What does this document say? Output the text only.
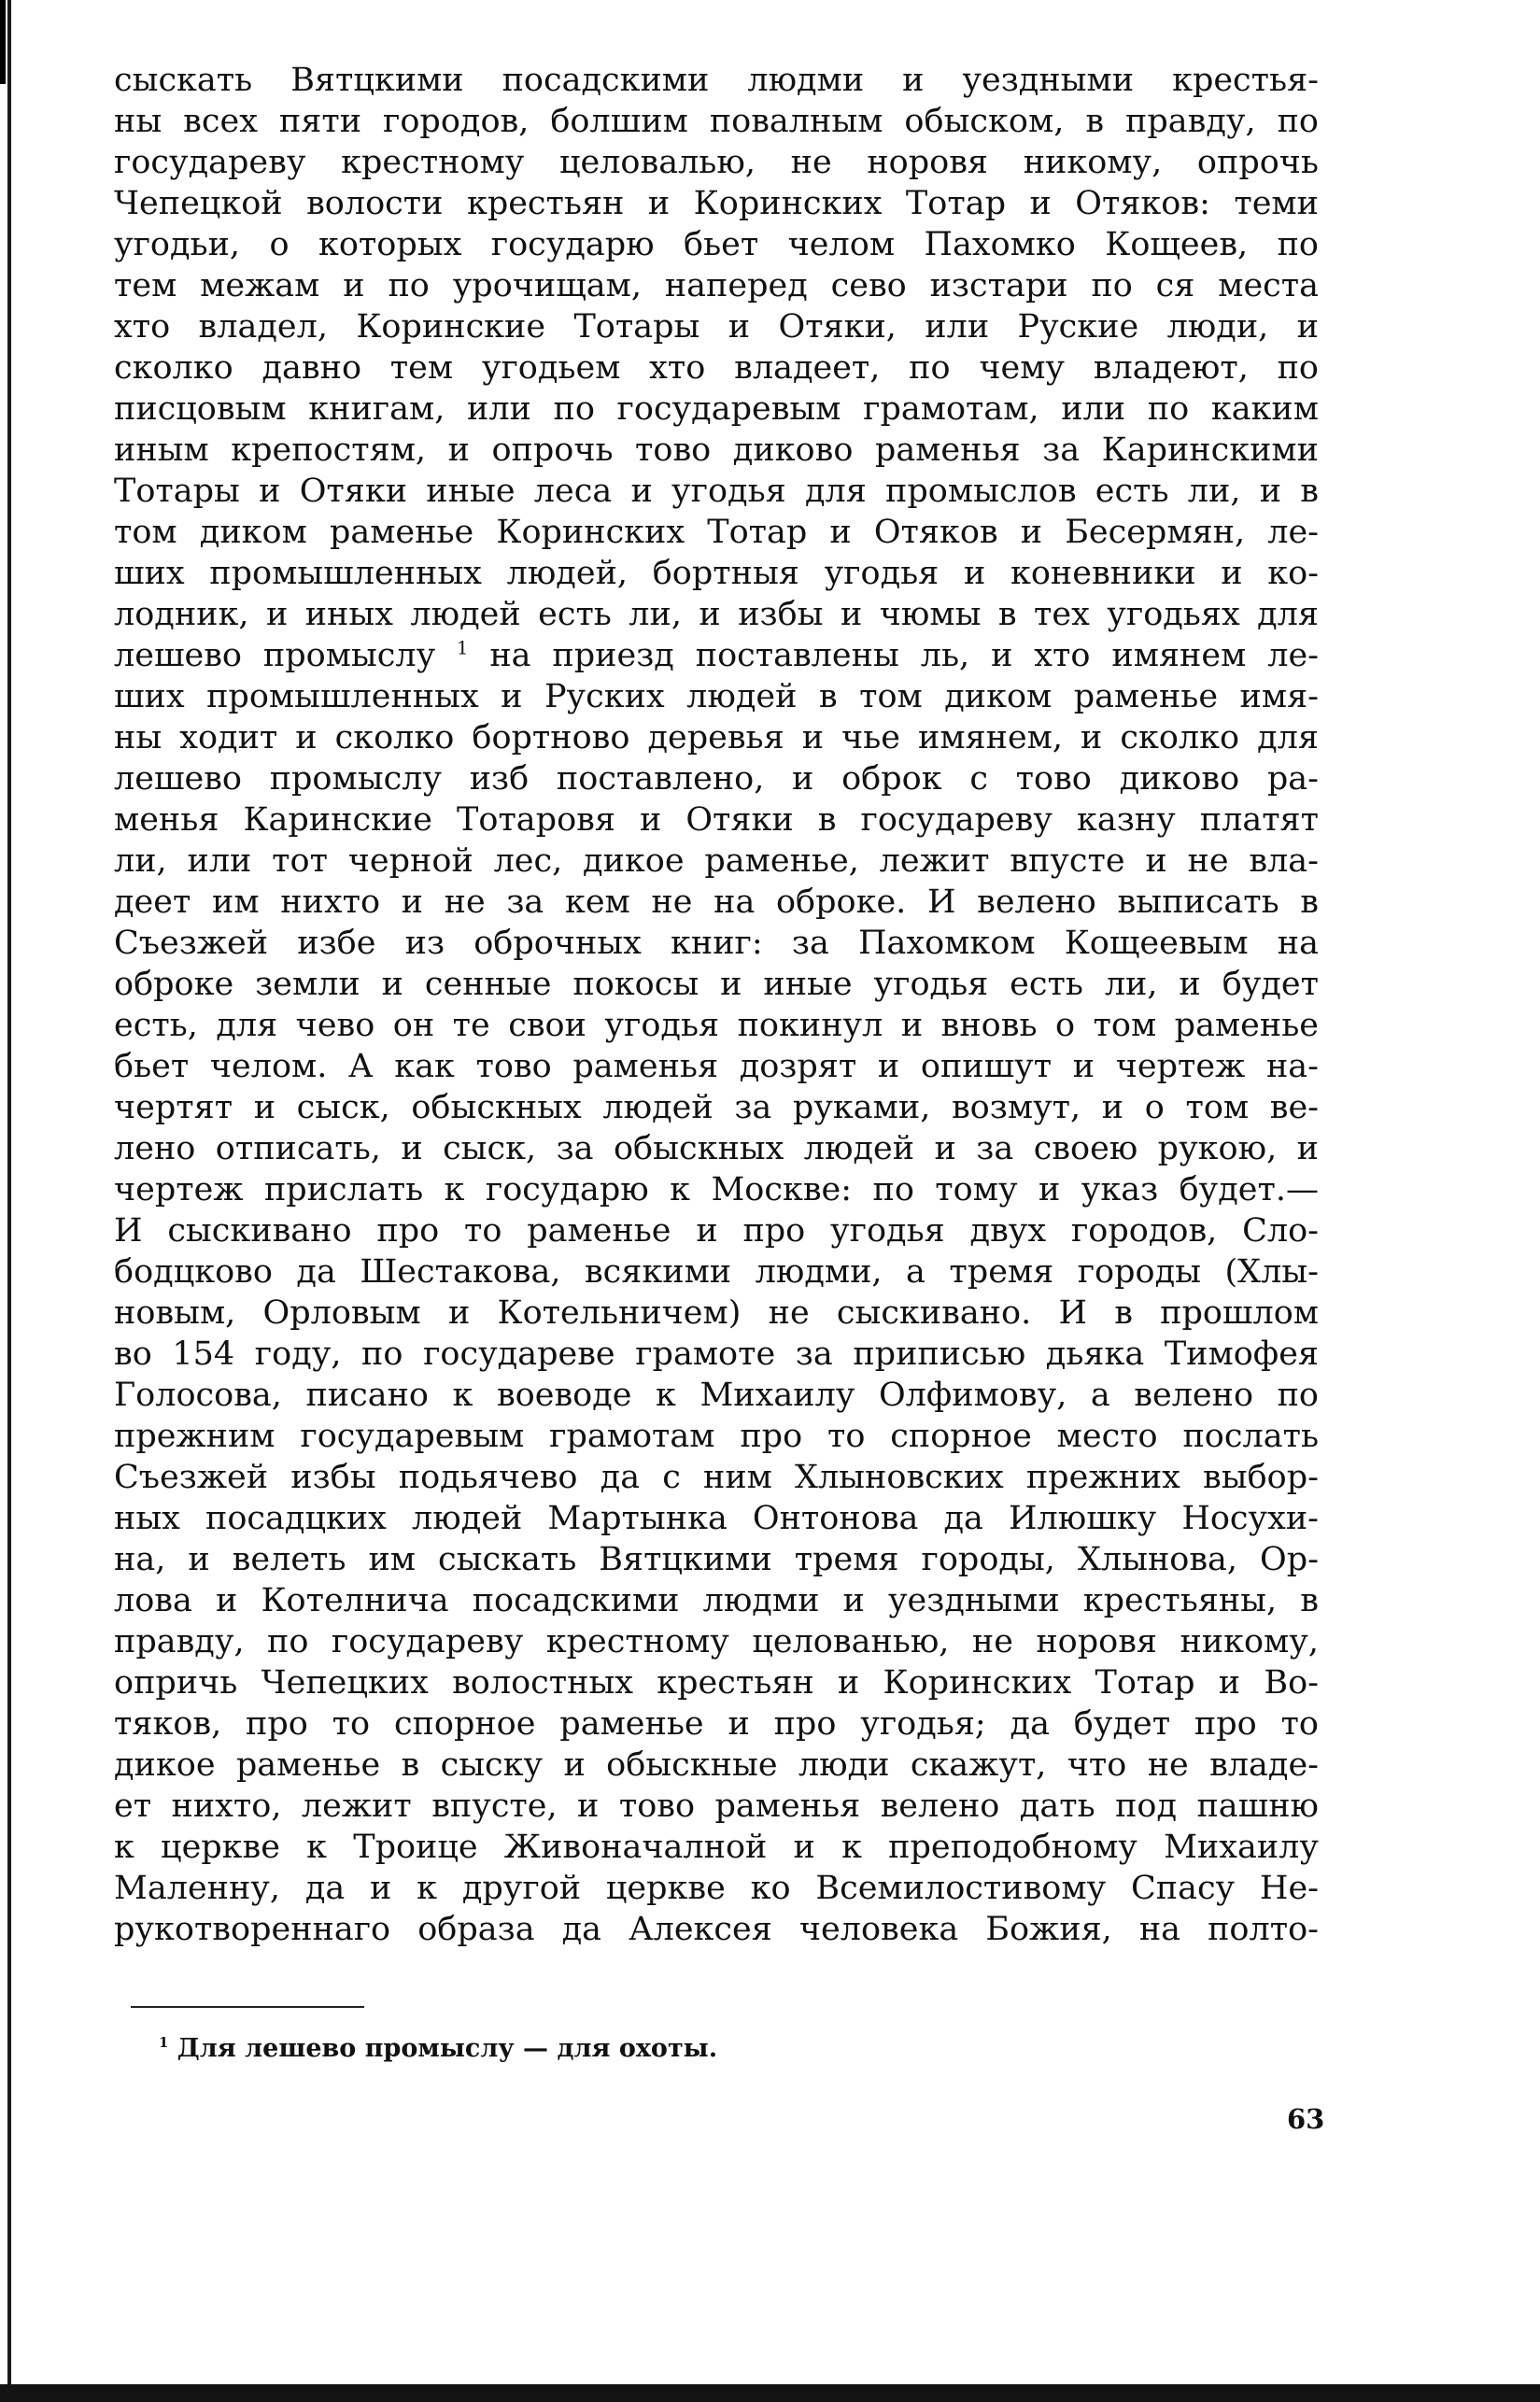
сыскать Вятцкими посадскими людми и уездными крестья-
ны всех пяти городов, болшим повалным обыском, в правду, по
государеву крестному целовалью, не норовя никому, опрочь
Чепецкой волости крестьян и Коринских Тотар и Отяков: теми
угодьи, о которых государю бьет челом Пахомко Кощеев, по
тем межам и по урочищам, наперед сево изстари по ся места
хто владел, Коринские Тотары и Отяки, или Руские люди, и
сколко давно тем угодьем хто владеет, по чему владеют, по
писцовым книгам, или по государевым грамотам, или по каким
иным крепостям, и опрочь тово диково раменья за Каринскими
Тотары и Отяки иные леса и угодья для промыслов есть ли, и в
том диком раменье Коринских Тотар и Отяков и Бесермян, ле-
ших промышленных людей, бортныя угодья и коневники и ко-
лодник, и иных людей есть ли, и избы и чюмы в тех угодьях для
лешево промыслу $^1$ на приезд поставлены ль, и хто имянем ле-
ших промышленных и Руских людей в том диком раменье имя-
ны ходит и сколко бортново деревья и чье имянем, и сколко для
лешево промыслу изб поставлено, и оброк с тово диково ра-
менья Каринские Тотаровя и Отяки в государеву казну платят
ли, или тот черной лес, дикое раменье, лежит впусте и не вла-
деет им нихто и не за кем не на оброке. И велено выписать в
Съезжей избе из оброчных книг: за Пахомком Кощеевым на
оброке земли и сенные покосы и иные угодья есть ли, и будет
есть, для чево он те свои угодья покинул и вновь о том раменье
бьет челом. А как тово раменья дозрят и опишут и чертеж на-
чертят и сыск, обыскных людей за руками, возмут, и о том ве-
лено отписать, и сыск, за обыскных людей и за своею рукою, и
чертеж прислать к государю к Москве: по тому и указ будет.—
И сыскивано про то раменье и про угодья двух городов, Сло-
бодцково да Шестакова, всякими людми, а тремя городы (Хлы-
новым, Орловым и Котельничем) не сыскивано. И в прошлом
во 154 году, по государеве грамоте за приписью дьяка Тимофея
Голосова, писано к воеводе к Михаилу Олфимову, а велено по
прежним государевым грамотам про то спорное место послать
Съезжей избы подьячево да с ним Хлыновских прежних выбор-
ных посадцких людей Мартынка Онтонова да Илюшку Носухи-
на, и велеть им сыскать Вятцкими тремя городы, Хлынова, Ор-
лова и Котелнича посадскими людми и уездными крестьяны, в
правду, по государеву крестному целованью, не норовя никому,
опричь Чепецких волостных крестьян и Коринских Тотар и Во-
тяков, про то спорное раменье и про угодья; да будет про то
дикое раменье в сыску и обыскные люди скажут, что не владе-
ет нихто, лежит впусте, и тово раменья велено дать под пашню
к церкве к Троице Живоначалной и к преподобному Михаилу
Маленну, да и к другой церкве ко Всемилостивому Спасу Не-
рукотвореннаго образа да Алексея человека Божия, на полто-
$^1$ Для лешево промыслу — для охоты.
63
